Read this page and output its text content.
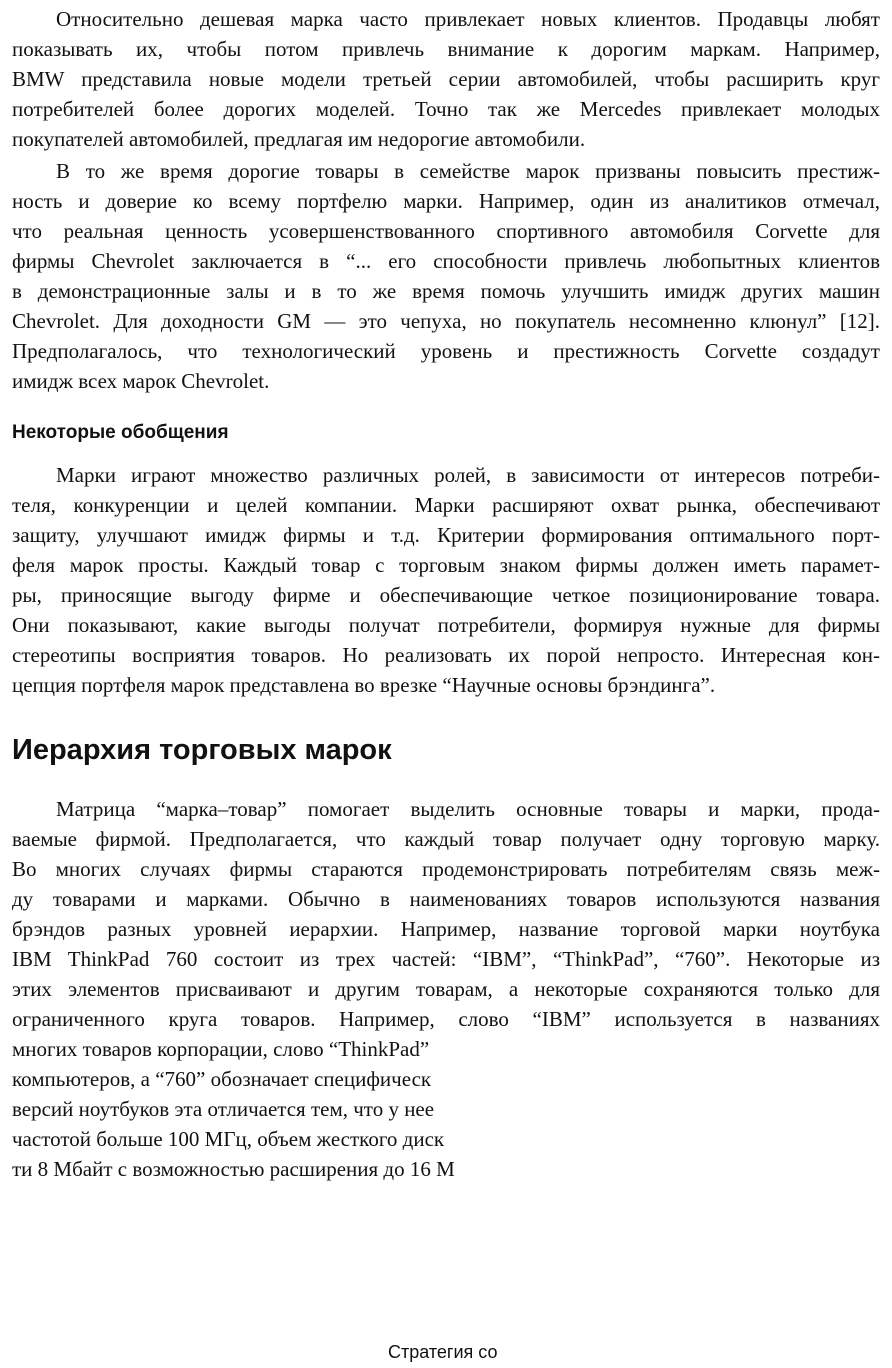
Относительно дешевая марка часто привлекает новых клиентов. Продавцы любят
показывать их, чтобы потом привлечь внимание к дорогим маркам. Например,
BMW представила новые модели третьей серии автомобилей, чтобы расширить круг
потребителей более дорогих моделей. Точно так же Mercedes привлекает молодых
покупателей автомобилей, предлагая им недорогие автомобили.
В то же время дорогие товары в семействе марок призваны повысить престиж-
ность и доверие ко всему портфелю марки. Например, один из аналитиков отмечал,
что реальная ценность усовершенствованного спортивного автомобиля Corvette для
фирмы Chevrolet заключается в “... его способности привлечь любопытных клиентов
в демонстрационные залы и в то же время помочь улучшить имидж других машин
Chevrolet. Для доходности GM — это чепуха, но покупатель несомненно клюнул” [12].
Предполагалось, что технологический уровень и престижность Corvette создадут
имидж всех марок Chevrolet.
Некоторые обобщения
Марки играют множество различных ролей, в зависимости от интересов потреби-
теля, конкуренции и целей компании. Марки расширяют охват рынка, обеспечивают
защиту, улучшают имидж фирмы и т.д. Критерии формирования оптимального порт-
феля марок просты. Каждый товар с торговым знаком фирмы должен иметь парамет-
ры, приносящие выгоду фирме и обеспечивающие четкое позиционирование товара.
Они показывают, какие выгоды получат потребители, формируя нужные для фирмы
стереотипы восприятия товаров. Но реализовать их порой непросто. Интересная кон-
цепция портфеля марок представлена во врезке “Научные основы брэндинга”.
Иерархия торговых марок
Матрица “марка–товар” помогает выделить основные товары и марки, прода-
ваемые фирмой. Предполагается, что каждый товар получает одну торговую марку.
Во многих случаях фирмы стараются продемонстрировать потребителям связь меж-
ду товарами и марками. Обычно в наименованиях товаров используются названия
брэндов разных уровней иерархии. Например, название торговой марки ноутбука
IBM ThinkPad 760 состоит из трех частей: “IBM”, “ThinkPad”, “760”. Некоторые из
этих элементов присваивают и другим товарам, а некоторые сохраняются только для
ограниченного круга товаров. Например, слово “IBM” используется в названиях
многих товаров корпорации, слово “ThinkPad”
компьютеров, а “760” обозначает специфическ
версий ноутбуков эта отличается тем, что у нее
частотой больше 100 МГц, объем жесткого диск
ти 8 Мбайт с возможностью расширения до 16 М
Стратегия со
